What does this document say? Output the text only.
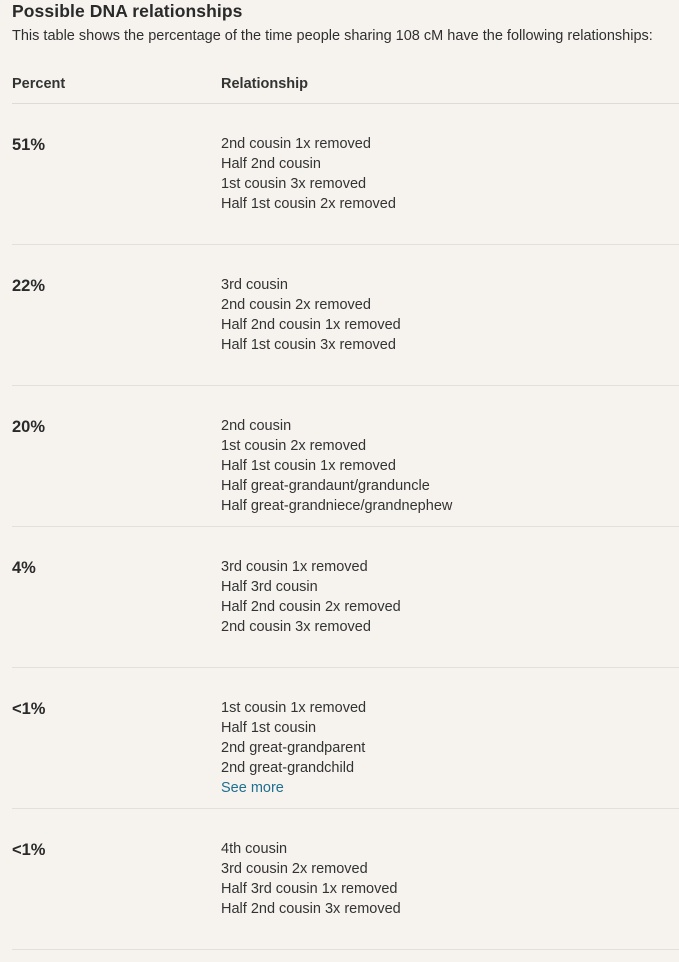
Possible DNA relationships
This table shows the percentage of the time people sharing 108 cM have the following relationships:
Percent	Relationship
51%	2nd cousin 1x removed
Half 2nd cousin
1st cousin 3x removed
Half 1st cousin 2x removed
22%	3rd cousin
2nd cousin 2x removed
Half 2nd cousin 1x removed
Half 1st cousin 3x removed
20%	2nd cousin
1st cousin 2x removed
Half 1st cousin 1x removed
Half great-grandaunt/granduncle
Half great-grandniece/grandnephew
4%	3rd cousin 1x removed
Half 3rd cousin
Half 2nd cousin 2x removed
2nd cousin 3x removed
<1%	1st cousin 1x removed
Half 1st cousin
2nd great-grandparent
2nd great-grandchild
See more
<1%	4th cousin
3rd cousin 2x removed
Half 3rd cousin 1x removed
Half 2nd cousin 3x removed
